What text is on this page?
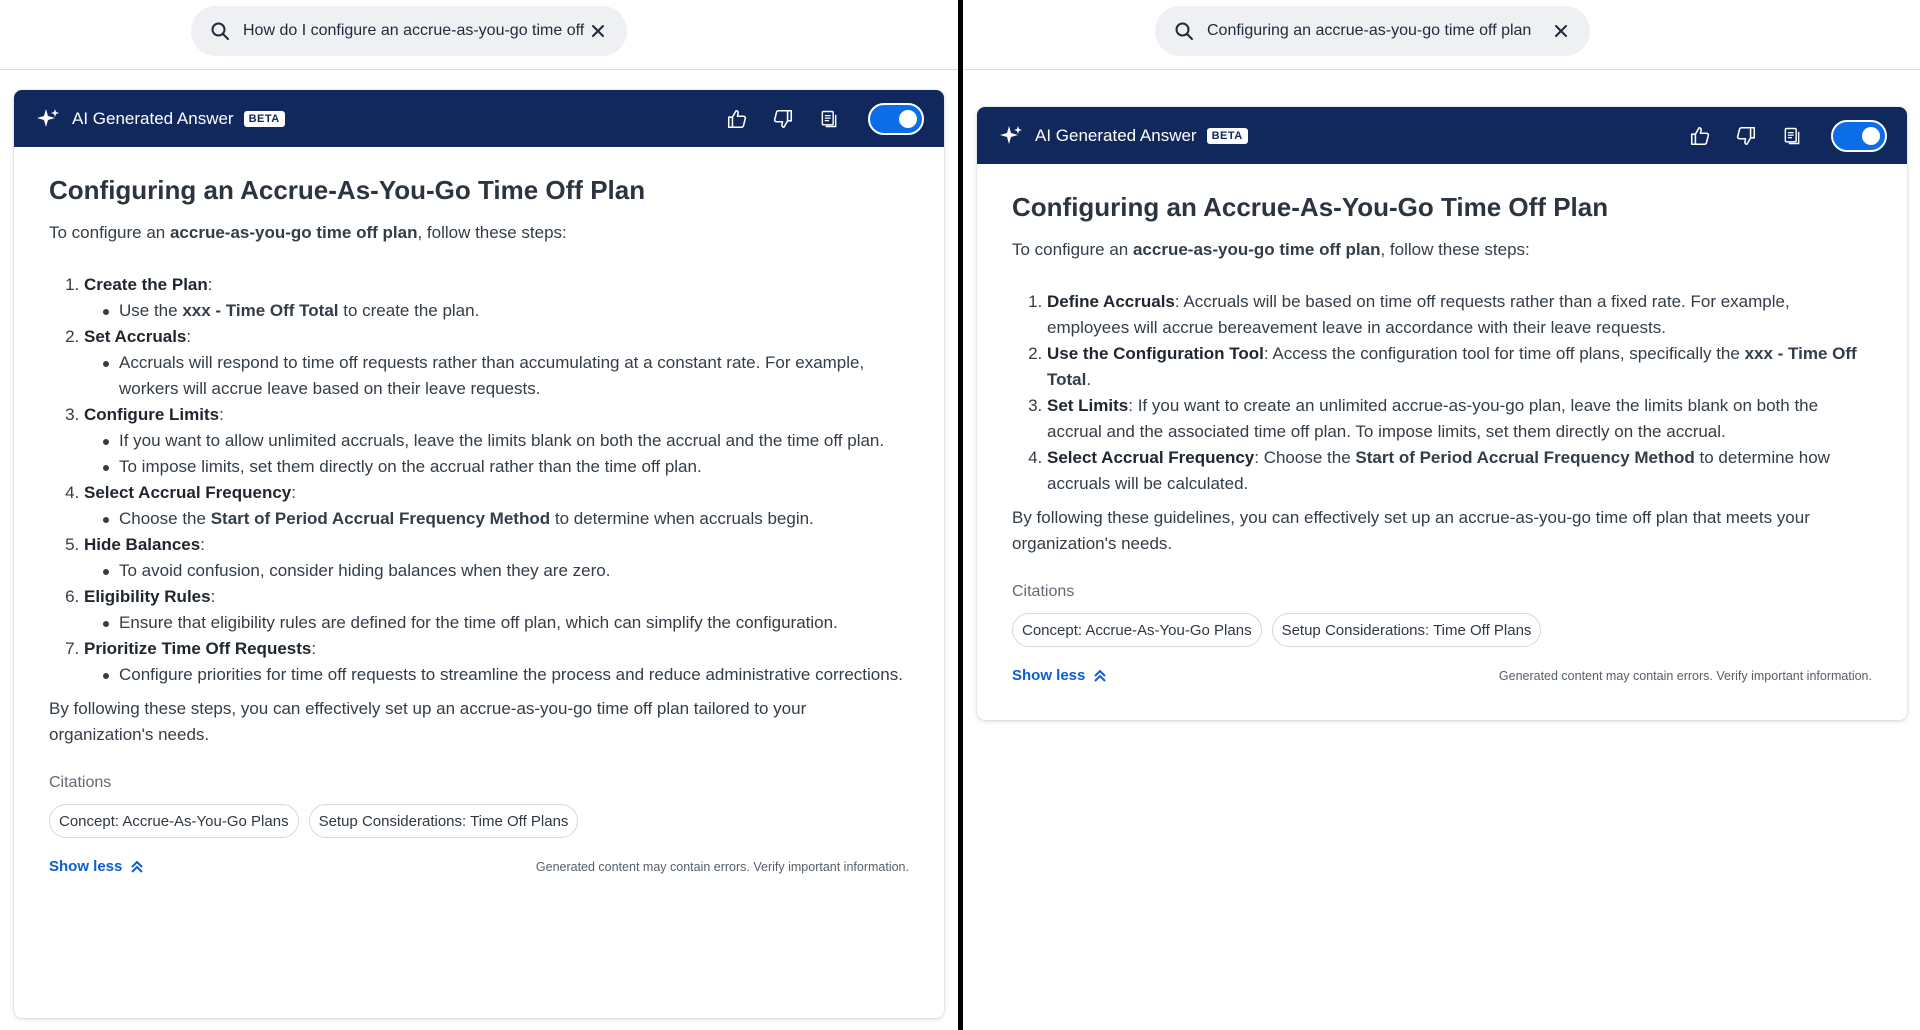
How do I configure an accrue-as-you-go time off
AI Generated Answer	BETA
Configuring an Accrue-As-You-Go Time Off Plan

To configure an accrue-as-you-go time off plan, follow these steps:

1. Create the Plan:
Use the xxx - Time Off Total to create the plan.
2. Set Accruals:
Accruals will respond to time off requests rather than accumulating at a constant rate. For example, workers will accrue leave based on their leave requests.
3. Configure Limits:
If you want to allow unlimited accruals, leave the limits blank on both the accrual and the time off plan.
To impose limits, set them directly on the accrual rather than the time off plan.
4. Select Accrual Frequency:
Choose the Start of Period Accrual Frequency Method to determine when accruals begin.
5. Hide Balances:
To avoid confusion, consider hiding balances when they are zero.
6. Eligibility Rules:
Ensure that eligibility rules are defined for the time off plan, which can simplify the configuration.
7. Prioritize Time Off Requests:
Configure priorities for time off requests to streamline the process and reduce administrative corrections.

By following these steps, you can effectively set up an accrue-as-you-go time off plan tailored to your organization's needs.

Citations
Concept: Accrue-As-You-Go Plans	Setup Considerations: Time Off Plans
Show less	Generated content may contain errors. Verify important information.
Configuring an accrue-as-you-go time off plan
AI Generated Answer	BETA
Configuring an Accrue-As-You-Go Time Off Plan

To configure an accrue-as-you-go time off plan, follow these steps:

1. Define Accruals: Accruals will be based on time off requests rather than a fixed rate. For example, employees will accrue bereavement leave in accordance with their leave requests.
2. Use the Configuration Tool: Access the configuration tool for time off plans, specifically the xxx - Time Off Total.
3. Set Limits: If you want to create an unlimited accrue-as-you-go plan, leave the limits blank on both the accrual and the associated time off plan. To impose limits, set them directly on the accrual.
4. Select Accrual Frequency: Choose the Start of Period Accrual Frequency Method to determine how accruals will be calculated.

By following these guidelines, you can effectively set up an accrue-as-you-go time off plan that meets your organization's needs.

Citations
Concept: Accrue-As-You-Go Plans	Setup Considerations: Time Off Plans
Show less	Generated content may contain errors. Verify important information.
